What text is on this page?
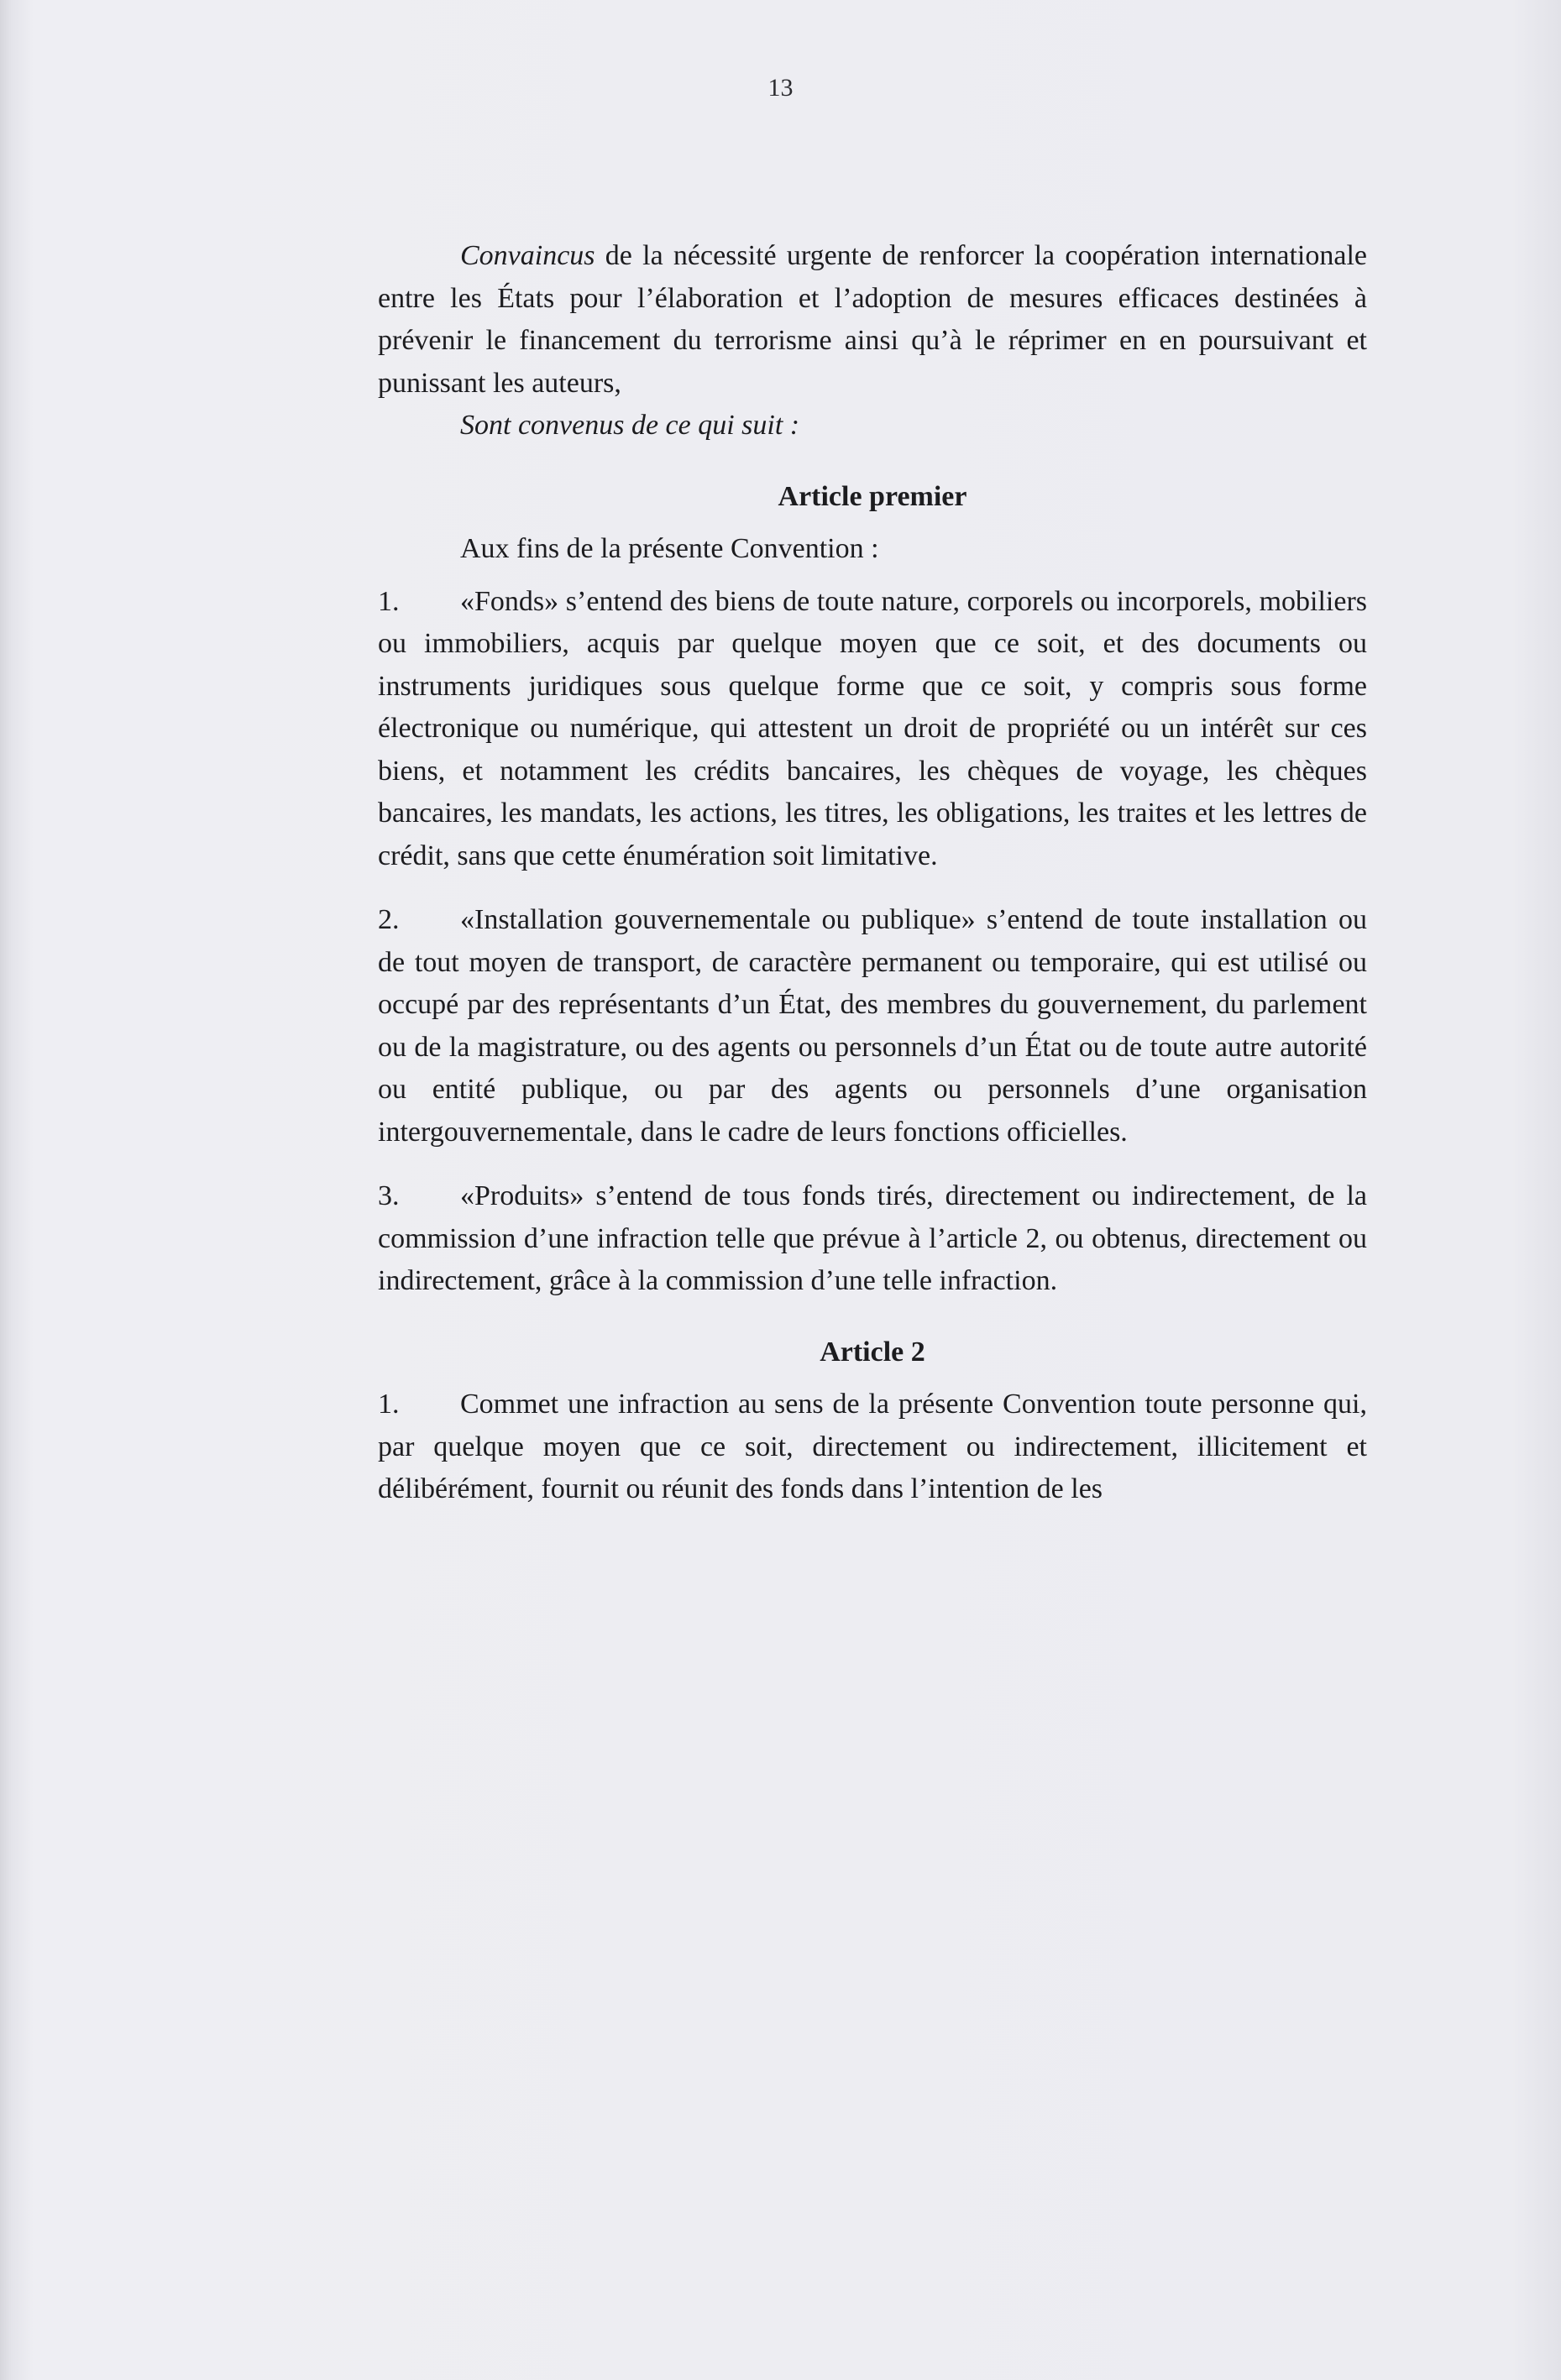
13

Convaincus de la nécessité urgente de renforcer la coopération internationale entre les États pour l’élaboration et l’adoption de mesures efficaces destinées à prévenir le financement du terrorisme ainsi qu’à le réprimer en en poursuivant et punissant les auteurs,

Sont convenus de ce qui suit :

Article premier

Aux fins de la présente Convention :

1. «Fonds» s’entend des biens de toute nature, corporels ou incorporels, mobiliers ou immobiliers, acquis par quelque moyen que ce soit, et des documents ou instruments juridiques sous quelque forme que ce soit, y compris sous forme électronique ou numérique, qui attestent un droit de propriété ou un intérêt sur ces biens, et notamment les crédits bancaires, les chèques de voyage, les chèques bancaires, les mandats, les actions, les titres, les obligations, les traites et les lettres de crédit, sans que cette énumération soit limitative.

2. «Installation gouvernementale ou publique» s’entend de toute installation ou de tout moyen de transport, de caractère permanent ou temporaire, qui est utilisé ou occupé par des représentants d’un État, des membres du gouvernement, du parlement ou de la magistrature, ou des agents ou personnels d’un État ou de toute autre autorité ou entité publique, ou par des agents ou personnels d’une organisation intergouvernementale, dans le cadre de leurs fonctions officielles.

3. «Produits» s’entend de tous fonds tirés, directement ou indirectement, de la commission d’une infraction telle que prévue à l’article 2, ou obtenus, directement ou indirectement, grâce à la commission d’une telle infraction.

Article 2

1. Commet une infraction au sens de la présente Convention toute personne qui, par quelque moyen que ce soit, directement ou indirectement, illicitement et délibérément, fournit ou réunit des fonds dans l’intention de les
